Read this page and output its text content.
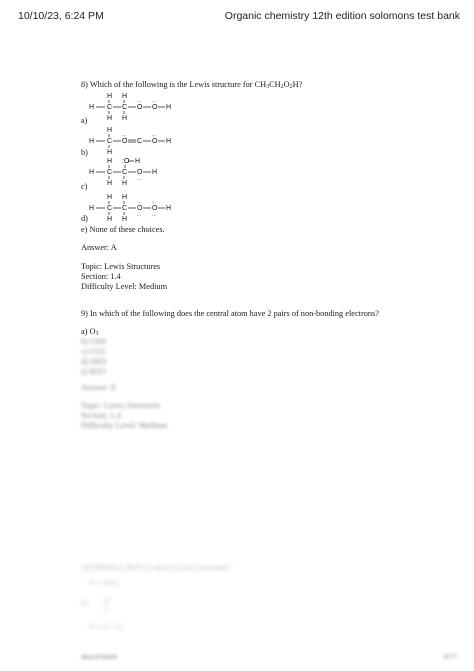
10/10/23, 6:24 PM	Organic chemistry 12th edition solomons test bank
8) Which of the following is the Lewis structure for $CH_3CH_2O_2H$?
H H
H C C O O H
·· ··
H H
a)
H
H C O C O H
··	··
H
b)
H :O H
H C C O H
H H ··
c)
H H
H C C O O H
·· ··
·· ··
H H
d)
e) None of these choices.
Answer: A
Topic: Lewis Structures
Section: 1.4
Difficulty Level: Medium
9) In which of the following does the central atom have 2 pairs of non-bonding electrons?
a) $O_3$
b) CH4
c) CO2
d) NH3
e) H2O
Answer: E
Topic: Lewis Structures
Section: 1.4
Difficulty Level: Medium
10) Which is NOT a correct Lewis structure?
H O=C
O
H C C
a)
about:blank	4/77
